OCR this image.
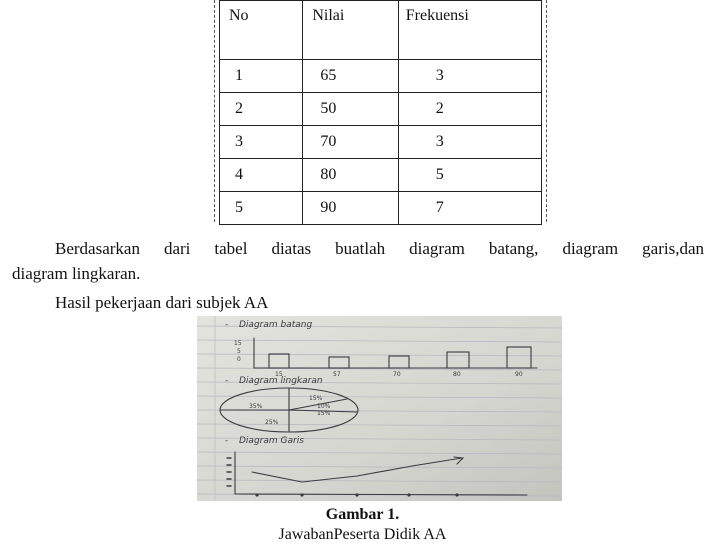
No	Nilai	Frekuensi
1	65	3
2	50	2
3	70	3
4	80	5
5	90	7
Berdasarkan dari tabel diatas buatlah diagram batang, diagram garis,dan
diagram lingkaran.
Hasil pekerjaan dari subjek AA
- Diagram batang
15
5
0
15	57	70	80	90
- Diagram lingkaran
15%
35%	10%
15%
25%
- Diagram Garis
Gambar 1.
JawabanPeserta Didik AA
